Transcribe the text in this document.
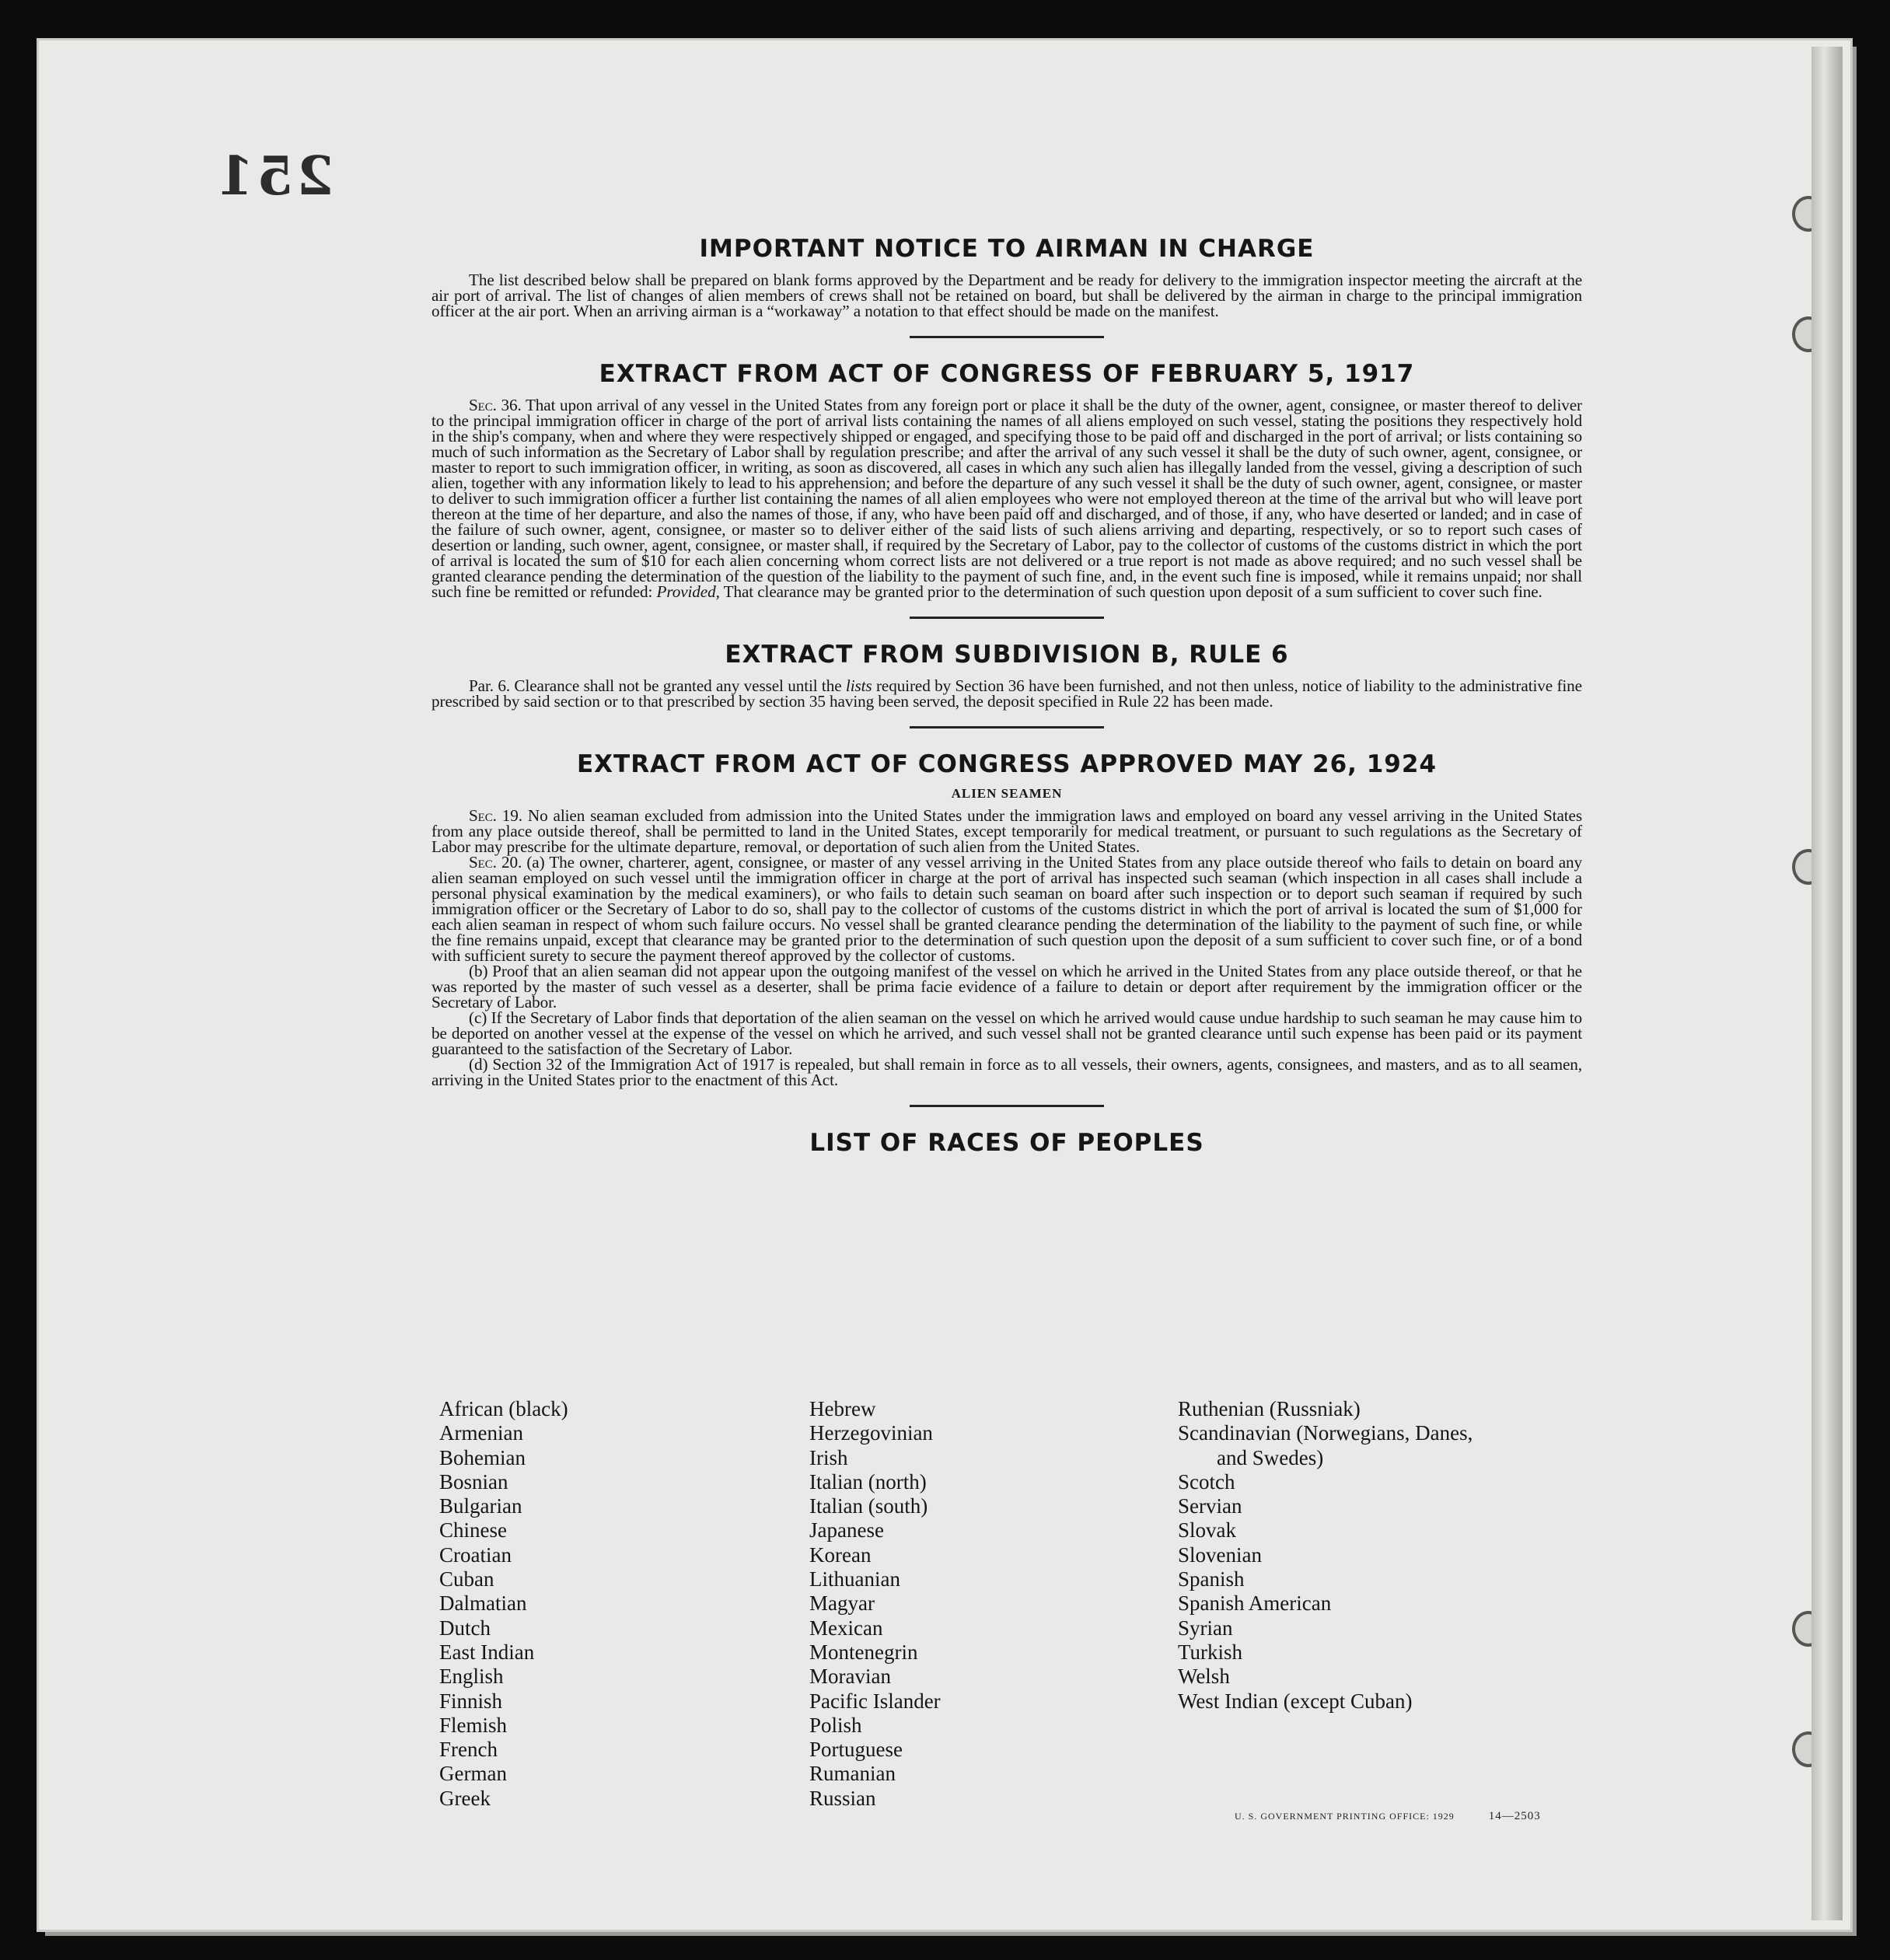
251
IMPORTANT NOTICE TO AIRMAN IN CHARGE

The list described below shall be prepared on blank forms approved by the Department and be ready for delivery to the immigration inspector meeting the aircraft at the air port of arrival. The list of changes of alien members of crews shall not be retained on board, but shall be delivered by the airman in charge to the principal immigration officer at the air port. When an arriving airman is a “workaway” a notation to that effect should be made on the manifest.

EXTRACT FROM ACT OF CONGRESS OF FEBRUARY 5, 1917

Sec. 36. That upon arrival of any vessel in the United States from any foreign port or place it shall be the duty of the owner, agent, consignee, or master thereof to deliver to the principal immigration officer in charge of the port of arrival lists containing the names of all aliens employed on such vessel, stating the positions they respectively hold in the ship's company, when and where they were respectively shipped or engaged, and specifying those to be paid off and discharged in the port of arrival; or lists containing so much of such information as the Secretary of Labor shall by regulation prescribe; and after the arrival of any such vessel it shall be the duty of such owner, agent, consignee, or master to report to such immigration officer, in writing, as soon as discovered, all cases in which any such alien has illegally landed from the vessel, giving a description of such alien, together with any information likely to lead to his apprehension; and before the departure of any such vessel it shall be the duty of such owner, agent, consignee, or master to deliver to such immigration officer a further list containing the names of all alien employees who were not employed thereon at the time of the arrival but who will leave port thereon at the time of her departure, and also the names of those, if any, who have been paid off and discharged, and of those, if any, who have deserted or landed; and in case of the failure of such owner, agent, consignee, or master so to deliver either of the said lists of such aliens arriving and departing, respectively, or so to report such cases of desertion or landing, such owner, agent, consignee, or master shall, if required by the Secretary of Labor, pay to the collector of customs of the customs district in which the port of arrival is located the sum of $10 for each alien concerning whom correct lists are not delivered or a true report is not made as above required; and no such vessel shall be granted clearance pending the determination of the question of the liability to the payment of such fine, and, in the event such fine is imposed, while it remains unpaid; nor shall such fine be remitted or refunded: Provided, That clearance may be granted prior to the determination of such question upon deposit of a sum sufficient to cover such fine.

EXTRACT FROM SUBDIVISION B, RULE 6

Par. 6. Clearance shall not be granted any vessel until the lists required by Section 36 have been furnished, and not then unless, notice of liability to the administrative fine prescribed by said section or to that prescribed by section 35 having been served, the deposit specified in Rule 22 has been made.

EXTRACT FROM ACT OF CONGRESS APPROVED MAY 26, 1924
ALIEN SEAMEN

Sec. 19. No alien seaman excluded from admission into the United States under the immigration laws and employed on board any vessel arriving in the United States from any place outside thereof, shall be permitted to land in the United States, except temporarily for medical treatment, or pursuant to such regulations as the Secretary of Labor may prescribe for the ultimate departure, removal, or deportation of such alien from the United States.

Sec. 20. (a) The owner, charterer, agent, consignee, or master of any vessel arriving in the United States from any place outside thereof who fails to detain on board any alien seaman employed on such vessel until the immigration officer in charge at the port of arrival has inspected such seaman (which inspection in all cases shall include a personal physical examination by the medical examiners), or who fails to detain such seaman on board after such inspection or to deport such seaman if required by such immigration officer or the Secretary of Labor to do so, shall pay to the collector of customs of the customs district in which the port of arrival is located the sum of $1,000 for each alien seaman in respect of whom such failure occurs. No vessel shall be granted clearance pending the determination of the liability to the payment of such fine, or while the fine remains unpaid, except that clearance may be granted prior to the determination of such question upon the deposit of a sum sufficient to cover such fine, or of a bond with sufficient surety to secure the payment thereof approved by the collector of customs.

(b) Proof that an alien seaman did not appear upon the outgoing manifest of the vessel on which he arrived in the United States from any place outside thereof, or that he was reported by the master of such vessel as a deserter, shall be prima facie evidence of a failure to detain or deport after requirement by the immigration officer or the Secretary of Labor.

(c) If the Secretary of Labor finds that deportation of the alien seaman on the vessel on which he arrived would cause undue hardship to such seaman he may cause him to be deported on another vessel at the expense of the vessel on which he arrived, and such vessel shall not be granted clearance until such expense has been paid or its payment guaranteed to the satisfaction of the Secretary of Labor.

(d) Section 32 of the Immigration Act of 1917 is repealed, but shall remain in force as to all vessels, their owners, agents, consignees, and masters, and as to all seamen, arriving in the United States prior to the enactment of this Act.

LIST OF RACES OF PEOPLES
African (black)
Armenian
Bohemian
Bosnian
Bulgarian
Chinese
Croatian
Cuban
Dalmatian
Dutch
East Indian
English
Finnish
Flemish
French
German
Greek
Hebrew
Herzegovinian
Irish
Italian (north)
Italian (south)
Japanese
Korean
Lithuanian
Magyar
Mexican
Montenegrin
Moravian
Pacific Islander
Polish
Portuguese
Rumanian
Russian
Ruthenian (Russniak)
Scandinavian (Norwegians, Danes,
and Swedes)
Scotch
Servian
Slovak
Slovenian
Spanish
Spanish American
Syrian
Turkish
Welsh
West Indian (except Cuban)
U. S. GOVERNMENT PRINTING OFFICE: 1929	14—2503
